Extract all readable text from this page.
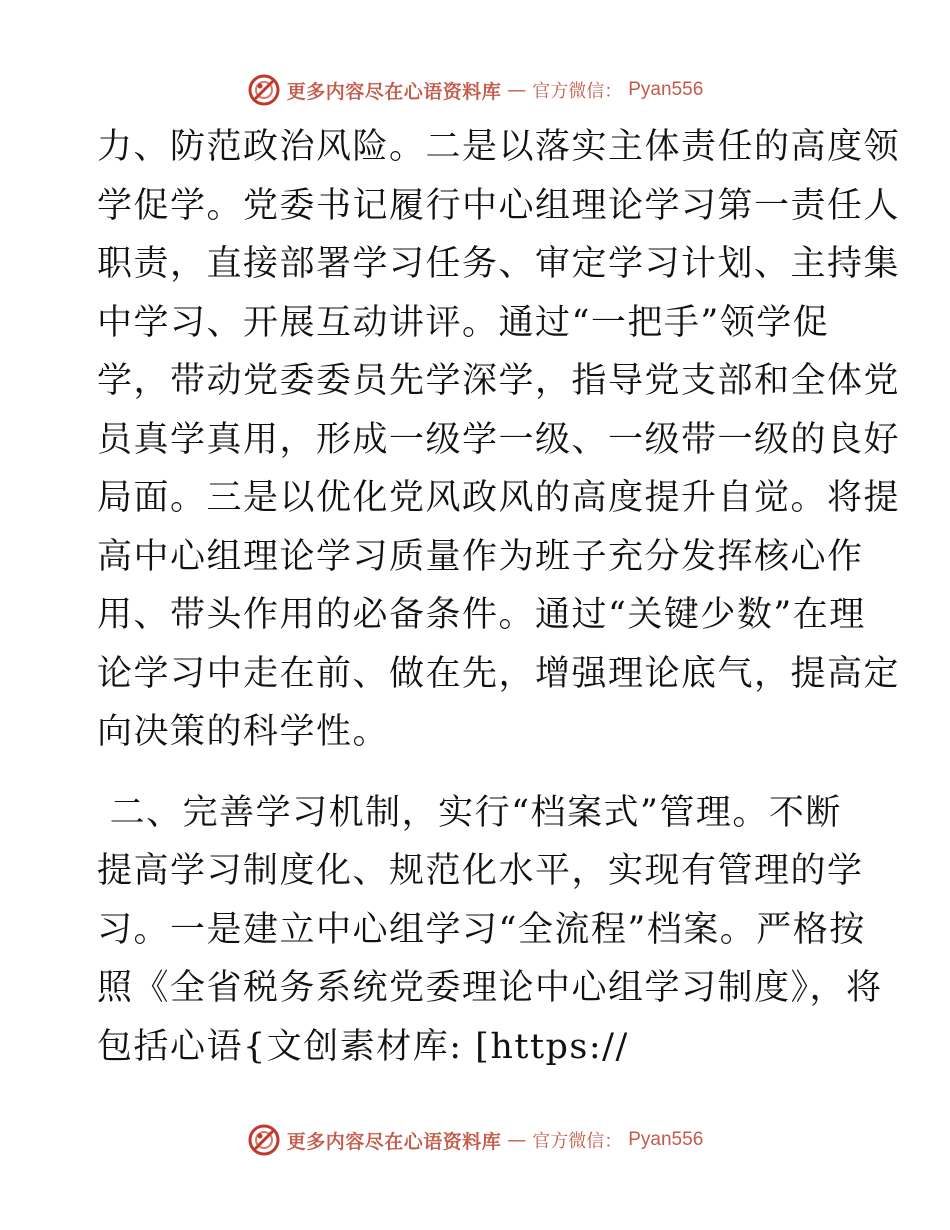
更多内容尽在心语资料库 — 官方微信： Pyan556
力、防范政治风险。二是以落实主体责任的高度领
学促学。党委书记履行中心组理论学习第一责任人
职责，直接部署学习任务、审定学习计划、主持集
中学习、开展互动讲评。通过“一把手”领学促
学，带动党委委员先学深学，指导党支部和全体党
员真学真用，形成一级学一级、一级带一级的良好
局面。三是以优化党风政风的高度提升自觉。将提
高中心组理论学习质量作为班子充分发挥核心作
用、带头作用的必备条件。通过“关键少数”在理
论学习中走在前、做在先，增强理论底气，提高定
向决策的科学性。
二、完善学习机制，实行“档案式”管理。不断
提高学习制度化、规范化水平，实现有管理的学
习。一是建立中心组学习“全流程”档案。严格按
照《全省税务系统党委理论中心组学习制度》，将
包括心语{文创素材库: [https://
更多内容尽在心语资料库 — 官方微信： Pyan556
